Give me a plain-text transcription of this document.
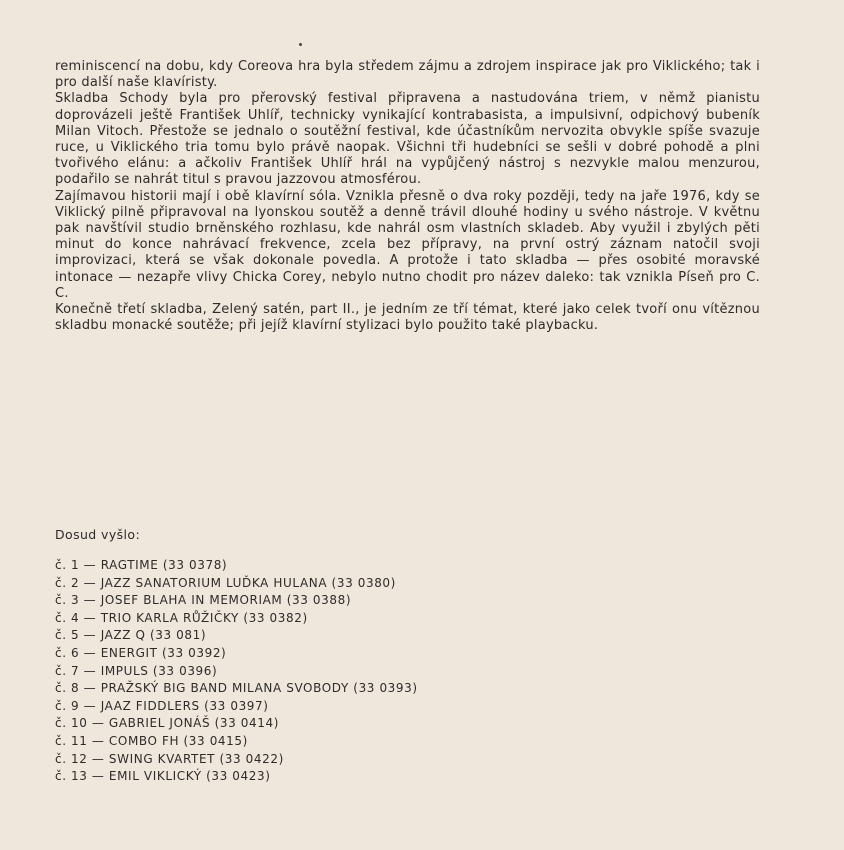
reminiscencí na dobu, kdy Coreova hra byla středem zájmu a zdrojem inspirace jak pro Viklického; tak i pro další naše klavíristy.

Skladba Schody byla pro přerovský festival připravena a nastudována triem, v němž pianistu doprovázeli ještě František Uhlíř, technicky vynikající kontrabasista, a impulsivní, odpichový bubeník Milan Vitoch. Přestože se jednalo o soutěžní festival, kde účastníkům nervozita obvykle spíše svazuje ruce, u Viklického tria tomu bylo právě naopak. Všichni tři hudebníci se sešli v dobré pohodě a plni tvořivého elánu: a ačkoliv František Uhlíř hrál na vypůjčený nástroj s nezvykle malou menzurou, podařilo se nahrát titul s pravou jazzovou atmosférou.

Zajímavou historii mají i obě klavírní sóla. Vznikla přesně o dva roky později, tedy na jaře 1976, kdy se Viklický pilně připravoval na lyonskou soutěž a denně trávil dlouhé hodiny u svého nástroje. V květnu pak navštívil studio brněnského rozhlasu, kde nahrál osm vlastních skladeb. Aby využil i zbylých pěti minut do konce nahrávací frekvence, zcela bez přípravy, na první ostrý záznam natočil svoji improvizaci, která se však dokonale povedla. A protože i tato skladba — přes osobité moravské intonace — nezapře vlivy Chicka Corey, nebylo nutno chodit pro název daleko: tak vznikla Píseň pro C. C.

Konečně třetí skladba, Zelený satén, part II., je jedním ze tří témat, které jako celek tvoří onu vítěznou skladbu monacké soutěže; při jejíž klavírní stylizaci bylo použito také playbacku.

Dosud vyšlo:
č. 1 — RAGTIME (33 0378)
č. 2 — JAZZ SANATORIUM LUĎKA HULANA (33 0380)
č. 3 — JOSEF BLAHA IN MEMORIAM (33 0388)
č. 4 — TRIO KARLA RŮŽIČKY (33 0382)
č. 5 — JAZZ Q (33 081)
č. 6 — ENERGIT (33 0392)
č. 7 — IMPULS (33 0396)
č. 8 — PRAŽSKÝ BIG BAND MILANA SVOBODY (33 0393)
č. 9 — JAAZ FIDDLERS (33 0397)
č. 10 — GABRIEL JONÁŠ (33 0414)
č. 11 — COMBO FH (33 0415)
č. 12 — SWING KVARTET (33 0422)
č. 13 — EMIL VIKLICKÝ (33 0423)
